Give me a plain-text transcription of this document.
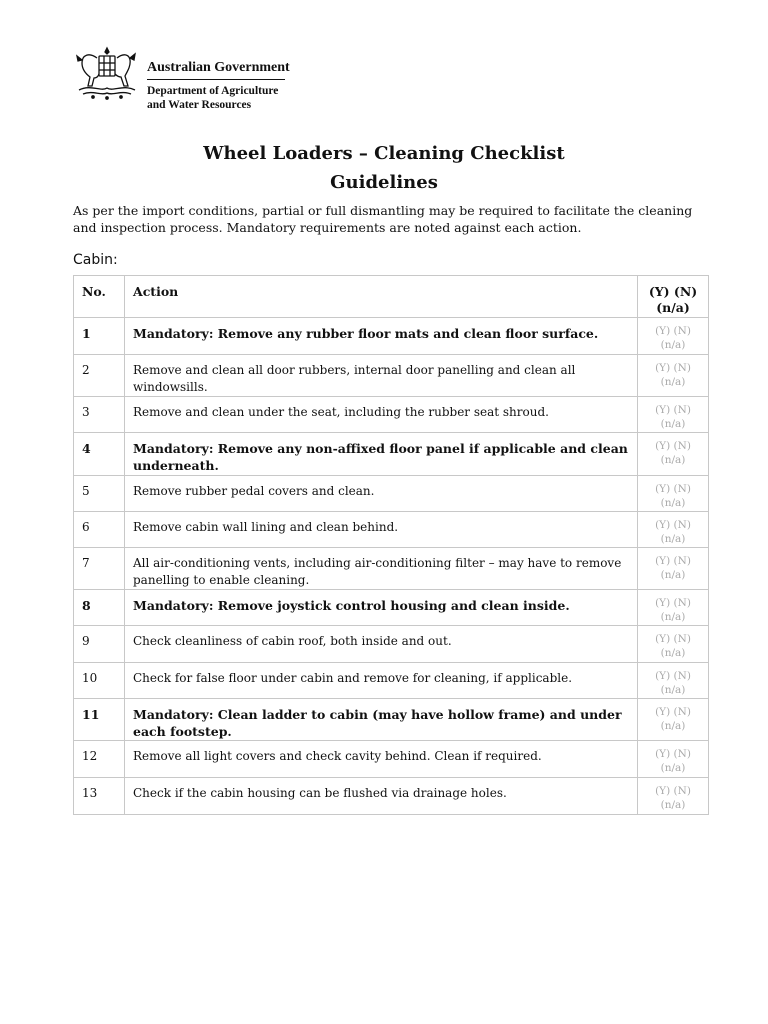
Australian Government
Department of Agriculture
and Water Resources
Wheel Loaders – Cleaning Checklist
Guidelines
As per the import conditions, partial or full dismantling may be required to facilitate the cleaning and inspection process. Mandatory requirements are noted against each action.
Cabin:
No.	Action	(Y) (N)
(n/a)

1	Mandatory: Remove any rubber floor mats and clean floor surface.	(Y) (N)
(n/a)

2	Remove and clean all door rubbers, internal door panelling and clean all windowsills.	(Y) (N)
(n/a)

3	Remove and clean under the seat, including the rubber seat shroud.	(Y) (N)
(n/a)

4	Mandatory: Remove any non-affixed floor panel if applicable and clean underneath.	(Y) (N)
(n/a)

5	Remove rubber pedal covers and clean.	(Y) (N)
(n/a)

6	Remove cabin wall lining and clean behind.	(Y) (N)
(n/a)

7	All air-conditioning vents, including air-conditioning filter – may have to remove panelling to enable cleaning.	(Y) (N)
(n/a)

8	Mandatory: Remove joystick control housing and clean inside.	(Y) (N)
(n/a)

9	Check cleanliness of cabin roof, both inside and out.	(Y) (N)
(n/a)

10	Check for false floor under cabin and remove for cleaning, if applicable.	(Y) (N)
(n/a)

11	Mandatory: Clean ladder to cabin (may have hollow frame) and under each footstep.	(Y) (N)
(n/a)

12	Remove all light covers and check cavity behind. Clean if required.	(Y) (N)
(n/a)

13	Check if the cabin housing can be flushed via drainage holes.	(Y) (N)
(n/a)
